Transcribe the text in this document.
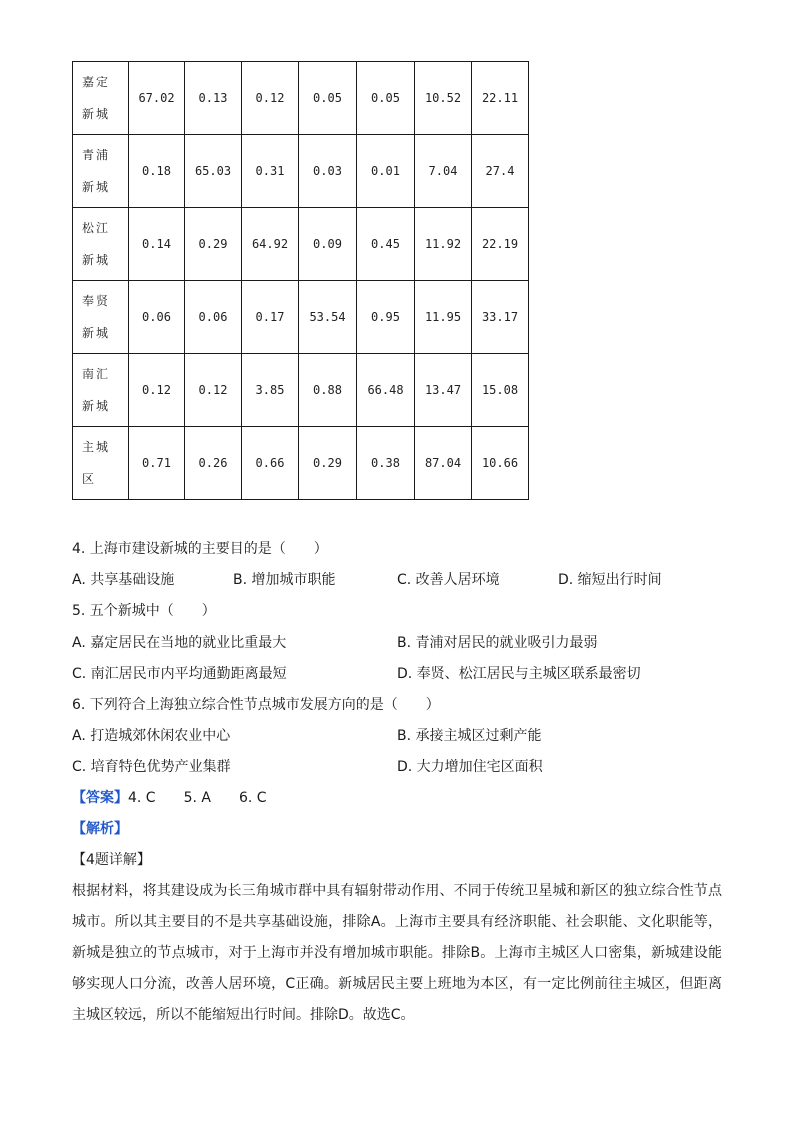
嘉定新城	67.02	0.13	0.12	0.05	0.05	10.52	22.11

青浦新城	0.18	65.03	0.31	0.03	0.01	7.04	27.4

松江新城	0.14	0.29	64.92	0.09	0.45	11.92	22.19

奉贤新城	0.06	0.06	0.17	53.54	0.95	11.95	33.17

南汇新城	0.12	0.12	3.85	0.88	66.48	13.47	15.08

主城区	0.71	0.26	0.66	0.29	0.38	87.04	10.66
4. 上海市建设新城的主要目的是（　　）
A. 共享基础设施	B. 增加城市职能	C. 改善人居环境	D. 缩短出行时间
5. 五个新城中（　　）
A. 嘉定居民在当地的就业比重最大	B. 青浦对居民的就业吸引力最弱
C. 南汇居民市内平均通勤距离最短	D. 奉贤、松江居民与主城区联系最密切
6. 下列符合上海独立综合性节点城市发展方向的是（　　）
A. 打造城郊休闲农业中心	B. 承接主城区过剩产能
C. 培育特色优势产业集群	D. 大力增加住宅区面积
【答案】4. C　　5. A　　6. C
【解析】
【4题详解】
根据材料，将其建设成为长三角城市群中具有辐射带动作用、不同于传统卫星城和新区的独立综合性节点城市。所以其主要目的不是共享基础设施，排除A。上海市主要具有经济职能、社会职能、文化职能等，新城是独立的节点城市，对于上海市并没有增加城市职能。排除B。上海市主城区人口密集，新城建设能够实现人口分流，改善人居环境，C正确。新城居民主要上班地为本区，有一定比例前往主城区，但距离主城区较远，所以不能缩短出行时间。排除D。故选C。
